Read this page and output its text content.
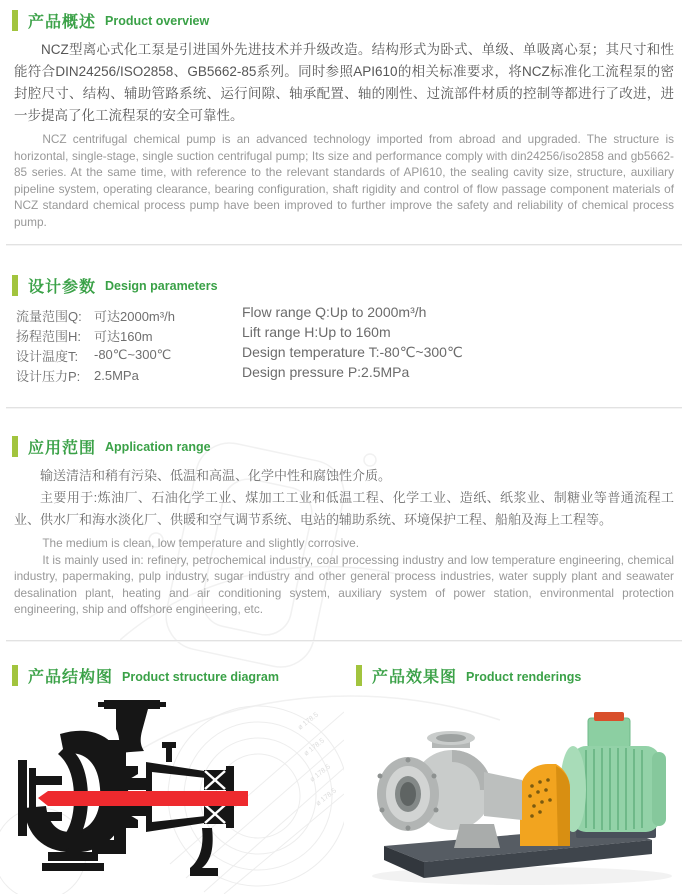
产品概述 Product overview

NCZ型离心式化工泵是引进国外先进技术并升级改造。结构形式为卧式、单级、单吸离心泵；其尺寸和性能符合DIN24256/ISO2858、GB5662-85系列。同时参照API610的相关标准要求，将NCZ标准化工流程泵的密封腔尺寸、结构、辅助管路系统、运行间隙、轴承配置、轴的刚性、过流部件材质的控制等都进行了改进，进一步提高了化工流程泵的安全可靠性。

NCZ centrifugal chemical pump is an advanced technology imported from abroad and upgraded. The structure is horizontal, single-stage, single suction centrifugal pump; Its size and performance comply with din24256/iso2858 and gb5662-85 series. At the same time, with reference to the relevant standards of API610, the sealing cavity size, structure, auxiliary pipeline system, operating clearance, bearing configuration, shaft rigidity and control of flow passage component materials of NCZ standard chemical process pump have been improved to further improve the safety and reliability of chemical process pump.

设计参数 Design parameters
流量范围Q: 可达2000m³/h
扬程范围H: 可达160m
设计温度T:	-80℃~300℃
设计压力P:	2.5MPa
Flow range Q:Up to 2000m³/h
Lift range H:Up to 160m
Design temperature T:-80℃~300℃
Design pressure P:2.5MPa
应用范围 Application range

输送清洁和稍有污染、低温和高温、化学中性和腐蚀性介质。

主要用于:炼油厂、石油化学工业、煤加工工业和低温工程、化学工业、造纸、纸浆业、制糖业等普通流程工业、供水厂和海水淡化厂、供暖和空气调节系统、电站的辅助系统、环境保护工程、船舶及海上工程等。

The medium is clean, low temperature and slightly corrosive.

It is mainly used in: refinery, petrochemical industry, coal processing industry and low temperature engineering, chemical industry, papermaking, pulp industry, sugar industry and other general process industries, water supply plant and seawater desalination plant, heating and air conditioning system, auxiliary system of power station, environmental protection engineering, ship and offshore engineering, etc.

产品结构图 Product structure diagram
ø 178.5
ø 178.5
ø 178.5
ø 178.5
产品效果图 Product renderings
